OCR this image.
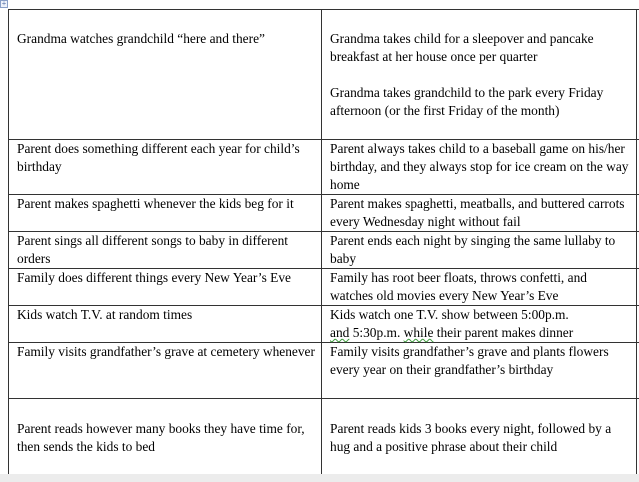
+
Grandma watches grandchild “here and there”	Grandma takes child for a sleepover and pancake breakfast at her house once per quarter
Grandma takes grandchild to the park every Friday afternoon (or the first Friday of the month)	
Parent does something different each year for child’s birthday	Parent always takes child to a baseball game on his/her birthday, and they always stop for ice cream on the way home	
Parent makes spaghetti whenever the kids beg for it	Parent makes spaghetti, meatballs, and buttered carrots every Wednesday night without fail	
Parent sings all different songs to baby in different orders	Parent ends each night by singing the same lullaby to baby	
Family does different things every New Year’s Eve	Family has root beer floats, throws confetti, and watches old movies every New Year’s Eve	
Kids watch T.V. at random times	Kids watch one T.V. show between 5:00p.m.
and 5:30p.m. while their parent makes dinner	
Family visits grandfather’s grave at cemetery whenever	Family visits grandfather’s grave and plants flowers every year on their grandfather’s birthday	
Parent reads however many books they have time for, then sends the kids to bed	Parent reads kids 3 books every night, followed by a hug and a positive phrase about their child	
